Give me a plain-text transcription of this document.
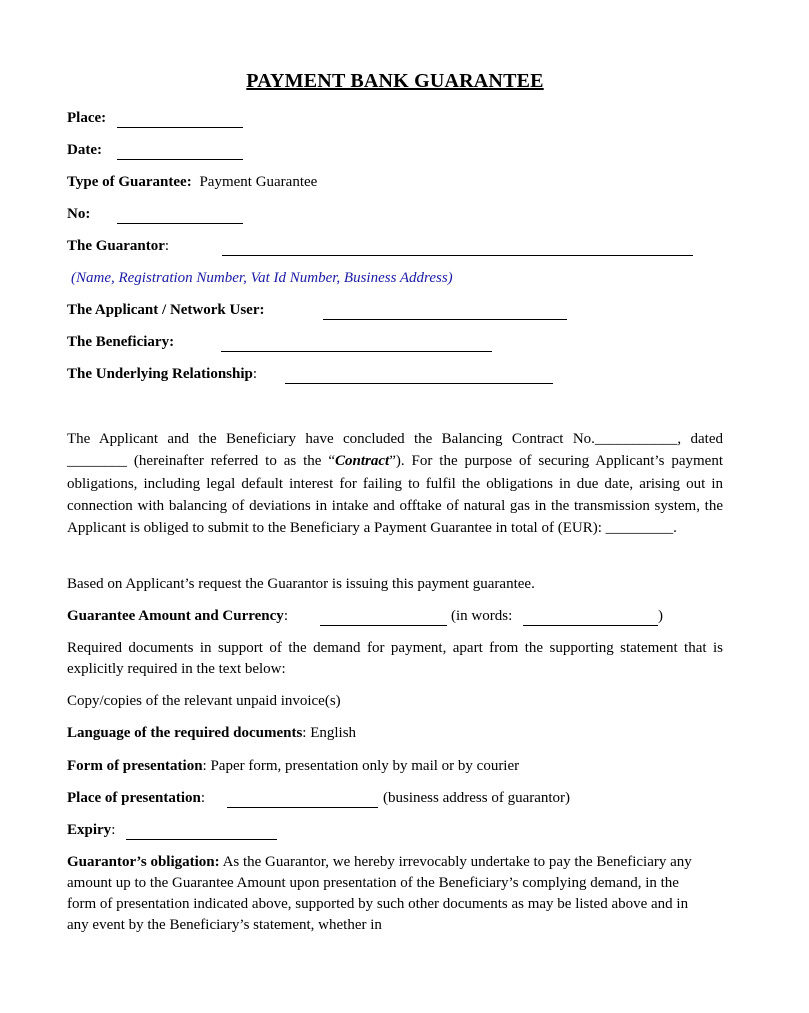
PAYMENT BANK GUARANTEE
Place:
Date:
Type of Guarantee: Payment Guarantee
No:
The Guarantor:
(Name, Registration Number, Vat Id Number, Business Address)
The Applicant / Network User:
The Beneficiary:
The Underlying Relationship:
The Applicant and the Beneficiary have concluded the Balancing Contract No.___________, dated ________ (hereinafter referred to as the “Contract”). For the purpose of securing Applicant’s payment obligations, including legal default interest for failing to fulfil the obligations in due date, arising out in connection with balancing of deviations in intake and offtake of natural gas in the transmission system, the Applicant is obliged to submit to the Beneficiary a Payment Guarantee in total of (EUR): _________.
Based on Applicant’s request the Guarantor is issuing this payment guarantee.
Guarantee Amount and Currency:	(in words:	)
Required documents in support of the demand for payment, apart from the supporting statement that is explicitly required in the text below:
Copy/copies of the relevant unpaid invoice(s)
Language of the required documents: English
Form of presentation: Paper form, presentation only by mail or by courier
Place of presentation:	(business address of guarantor)
Expiry:
Guarantor’s obligation: As the Guarantor, we hereby irrevocably undertake to pay the Beneficiary any amount up to the Guarantee Amount upon presentation of the Beneficiary’s complying demand, in the form of presentation indicated above, supported by such other documents as may be listed above and in any event by the Beneficiary’s statement, whether in
